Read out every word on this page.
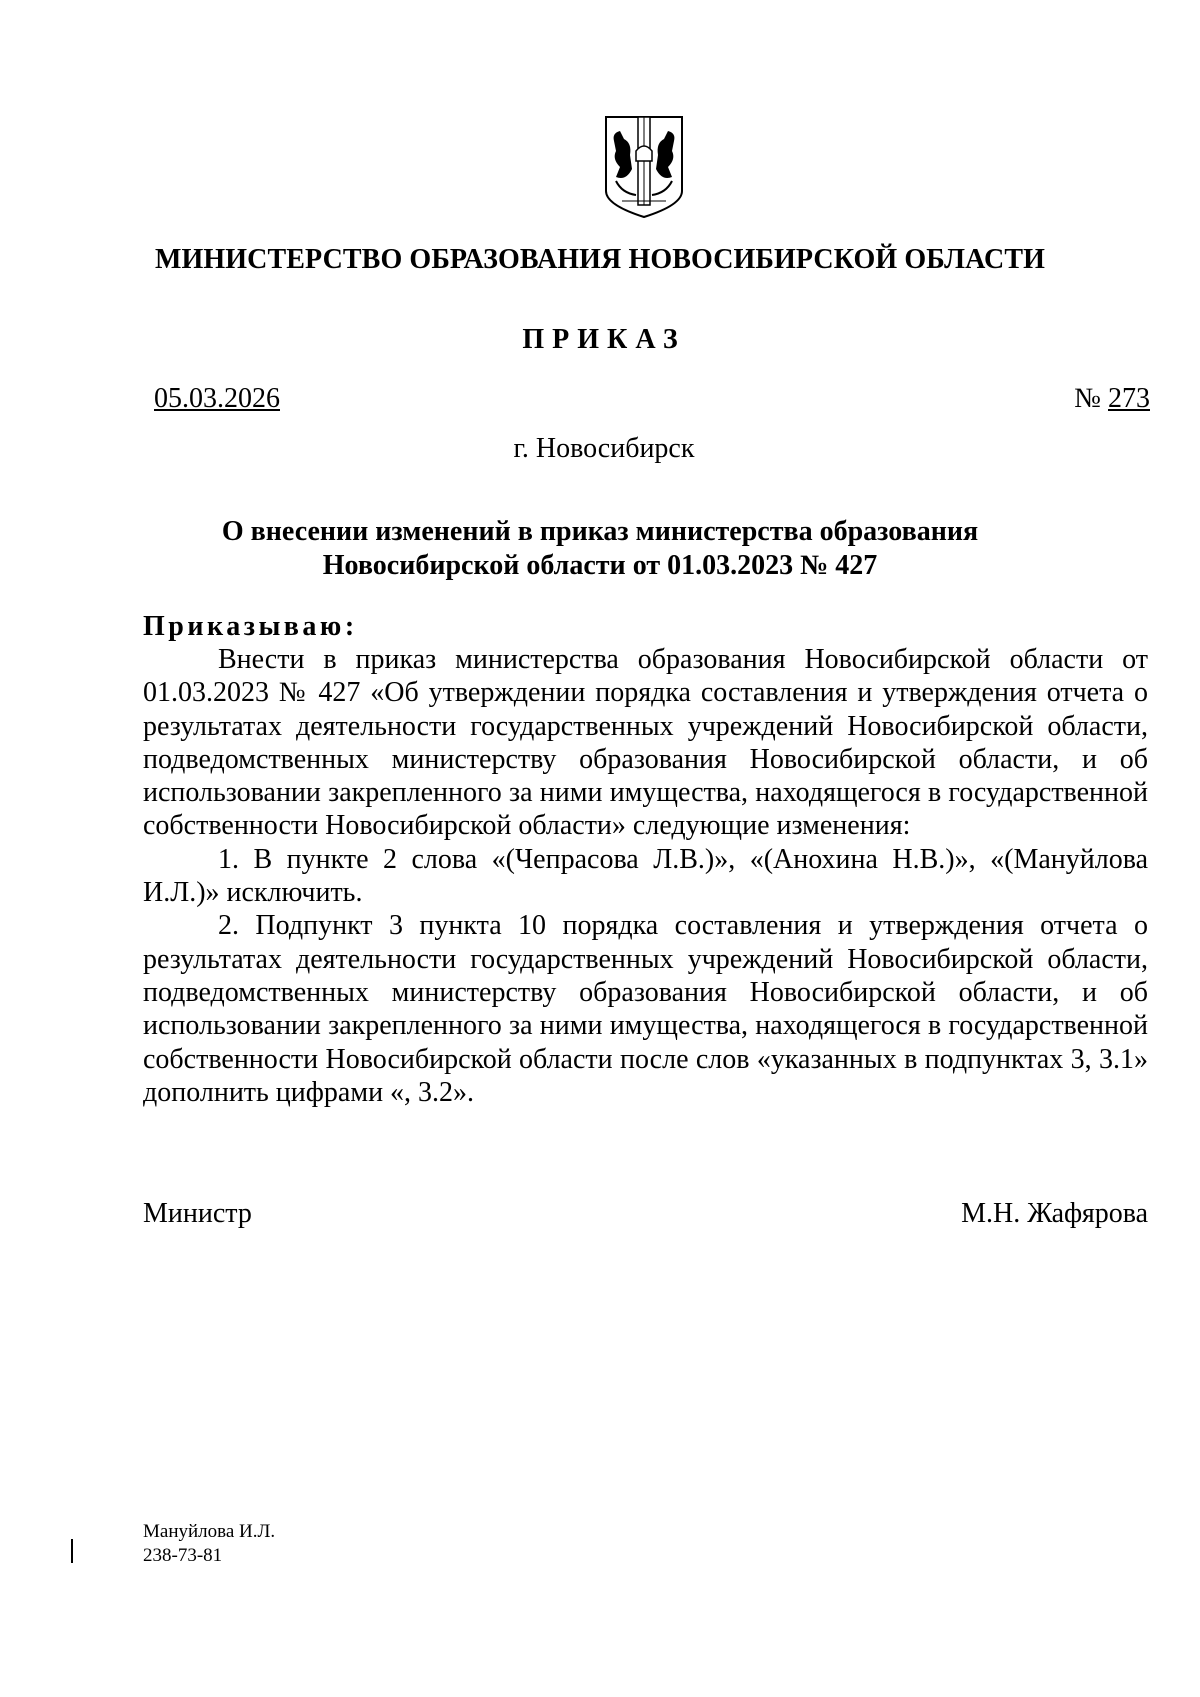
МИНИСТЕРСТВО ОБРАЗОВАНИЯ НОВОСИБИРСКОЙ ОБЛАСТИ
ПРИКАЗ
05.03.2026	№ 273
г. Новосибирск
О внесении изменений в приказ министерства образования
Новосибирской области от 01.03.2023 № 427
Приказываю:

Внести в приказ министерства образования Новосибирской области от 01.03.2023 № 427 «Об утверждении порядка составления и утверждения отчета о результатах деятельности государственных учреждений Новосибирской области, подведомственных министерству образования Новосибирской области, и об использовании закрепленного за ними имущества, находящегося в государственной собственности Новосибирской области» следующие изменения:

1. В пункте 2 слова «(Чепрасова Л.В.)», «(Анохина Н.В.)», «(Мануйлова И.Л.)» исключить.

2. Подпункт 3 пункта 10 порядка составления и утверждения отчета о результатах деятельности государственных учреждений Новосибирской области, подведомственных министерству образования Новосибирской области, и об использовании закрепленного за ними имущества, находящегося в государственной собственности Новосибирской области после слов «указанных в подпунктах 3, 3.1» дополнить цифрами «, 3.2».

Министр	М.Н. Жафярова
Мануйлова И.Л.
238-73-81
